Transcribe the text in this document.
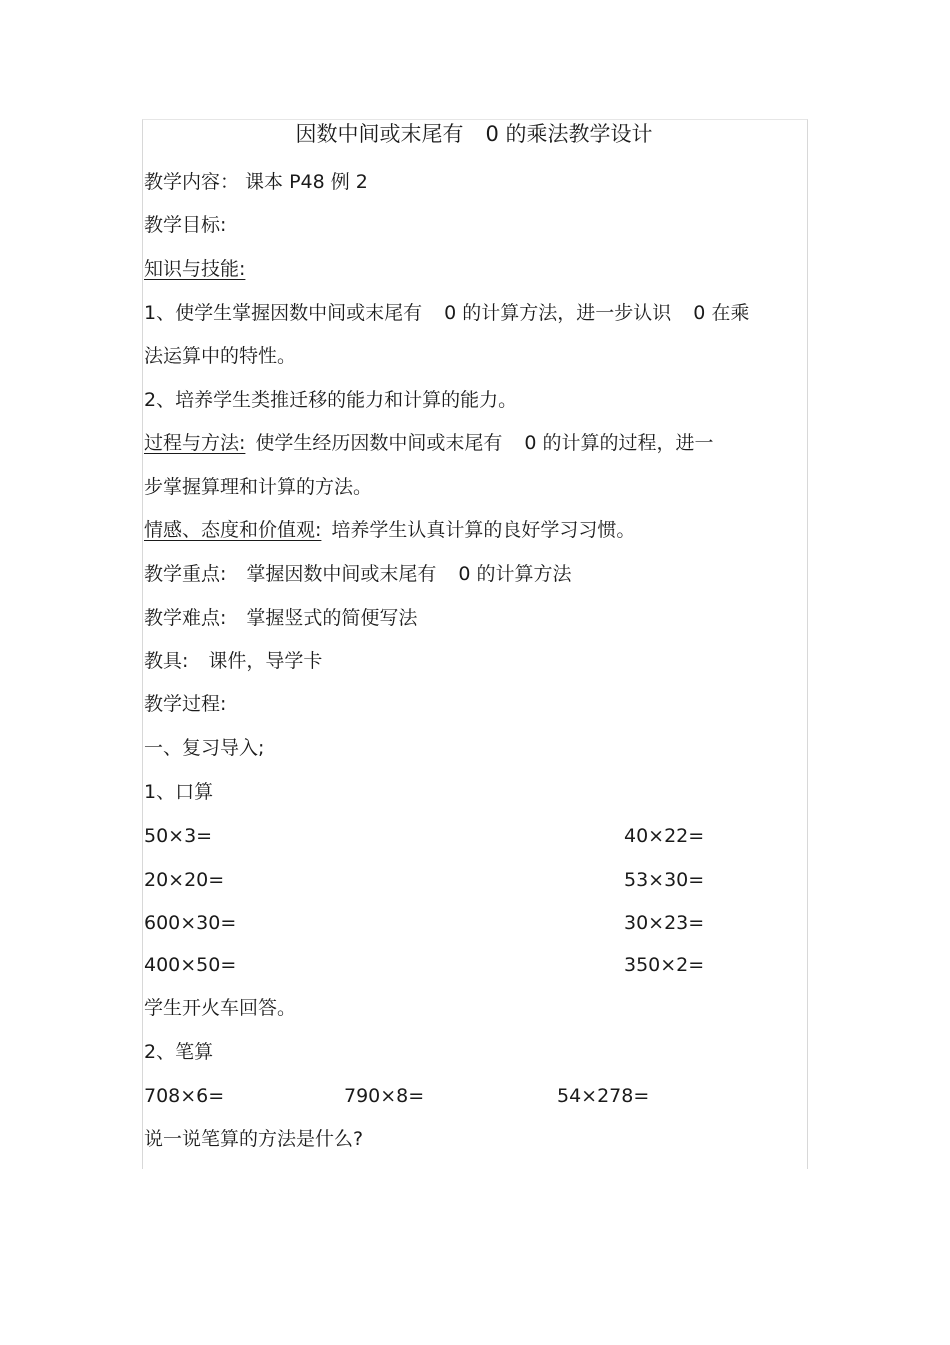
因数中间或末尾有 0 的乘法教学设计
教学内容： 课本 P48 例 2
教学目标:
知识与技能:
1、使学生掌握因数中间或末尾有 0 的计算方法，进一步认识 0 在乘
法运算中的特性。
2、培养学生类推迁移的能力和计算的能力。
过程与方法: 使学生经历因数中间或末尾有 0 的计算的过程，进一
步掌握算理和计算的方法。
情感、态度和价值观: 培养学生认真计算的良好学习习惯。
教学重点: 掌握因数中间或末尾有 0 的计算方法
教学难点: 掌握竖式的简便写法
教具: 课件，导学卡
教学过程:
一、复习导入;
1、口算
50×3=	40×22=
20×20=	53×30=
600×30=	30×23=
400×50=	350×2=
学生开火车回答。
2、笔算
708×6=	790×8=	54×278=
说一说笔算的方法是什么?
